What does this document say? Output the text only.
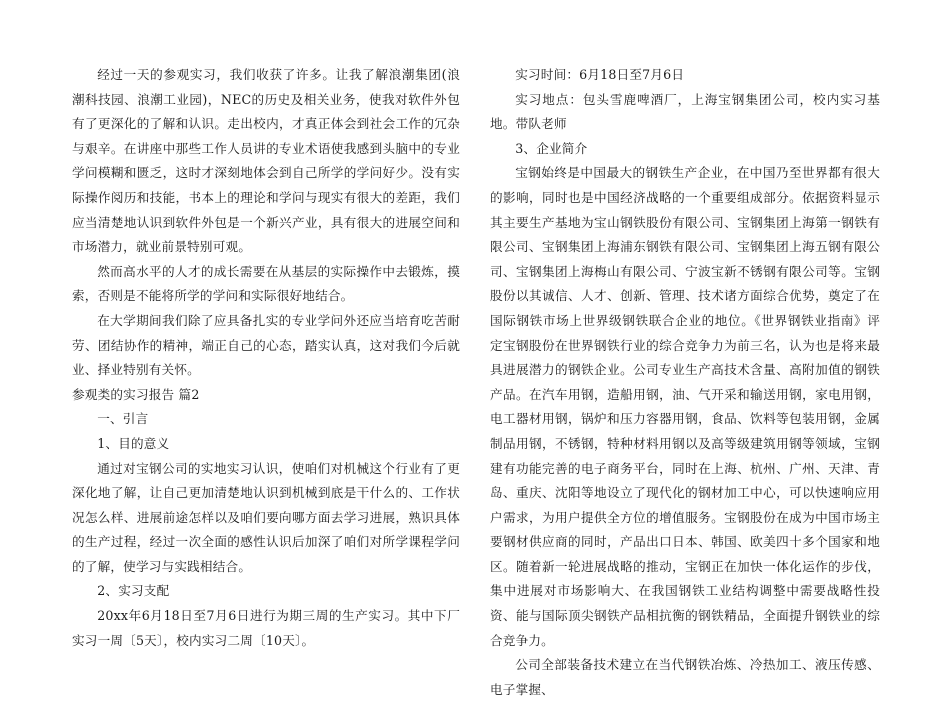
经过一天的参观实习，我们收获了许多。让我了解浪潮集团(浪潮科技园、浪潮工业园)，NEC的历史及相关业务，使我对软件外包有了更深化的了解和认识。走出校内，才真正体会到社会工作的冗杂与艰辛。在讲座中那些工作人员讲的专业术语使我感到头脑中的专业学问模糊和匮乏，这时才深刻地体会到自己所学的学问好少。没有实际操作阅历和技能，书本上的理论和学问与现实有很大的差距，我们应当清楚地认识到软件外包是一个新兴产业，具有很大的进展空间和市场潜力，就业前景特别可观。

然而高水平的人才的成长需要在从基层的实际操作中去锻炼，摸索，否则是不能将所学的学问和实际很好地结合。

在大学期间我们除了应具备扎实的专业学问外还应当培育吃苦耐劳、团结协作的精神，端正自己的心态，踏实认真，这对我们今后就业、择业特别有关怀。

参观类的实习报告 篇2

一、引言

1、目的意义

通过对宝钢公司的实地实习认识，使咱们对机械这个行业有了更深化地了解，让自己更加清楚地认识到机械到底是干什么的、工作状况怎么样、进展前途怎样以及咱们要向哪方面去学习进展，熟识具体的生产过程，经过一次全面的感性认识后加深了咱们对所学课程学问的了解，使学习与实践相结合。

2、实习支配

20xx年6月18日至7月6日进行为期三周的生产实习。其中下厂实习一周〔5天〕，校内实习二周〔10天〕。

实习时间：6月18日至7月6日

实习地点：包头雪鹿啤酒厂，上海宝钢集团公司，校内实习基地。带队老师

3、企业简介

宝钢始终是中国最大的钢铁生产企业，在中国乃至世界都有很大的影响，同时也是中国经济战略的一个重要组成部分。依据资料显示其主要生产基地为宝山钢铁股份有限公司、宝钢集团上海第一钢铁有限公司、宝钢集团上海浦东钢铁有限公司、宝钢集团上海五钢有限公司、宝钢集团上海梅山有限公司、宁波宝新不锈钢有限公司等。宝钢股份以其诚信、人才、创新、管理、技术诸方面综合优势，奠定了在国际钢铁市场上世界级钢铁联合企业的地位。《世界钢铁业指南》评定宝钢股份在世界钢铁行业的综合竞争力为前三名，认为也是将来最具进展潜力的钢铁企业。公司专业生产高技术含量、高附加值的钢铁产品。在汽车用钢，造船用钢，油、气开采和输送用钢，家电用钢，电工器材用钢，锅炉和压力容器用钢，食品、饮料等包装用钢，金属制品用钢，不锈钢，特种材料用钢以及高等级建筑用钢等领域，宝钢建有功能完善的电子商务平台，同时在上海、杭州、广州、天津、青岛、重庆、沈阳等地设立了现代化的钢材加工中心，可以快速响应用户需求，为用户提供全方位的增值服务。宝钢股份在成为中国市场主要钢材供应商的同时，产品出口日本、韩国、欧美四十多个国家和地区。随着新一轮进展战略的推动，宝钢正在加快一体化运作的步伐，集中进展对市场影响大、在我国钢铁工业结构调整中需要战略性投资、能与国际顶尖钢铁产品相抗衡的钢铁精品，全面提升钢铁业的综合竞争力。

公司全部装备技术建立在当代钢铁冶炼、冷热加工、液压传感、电子掌握、
